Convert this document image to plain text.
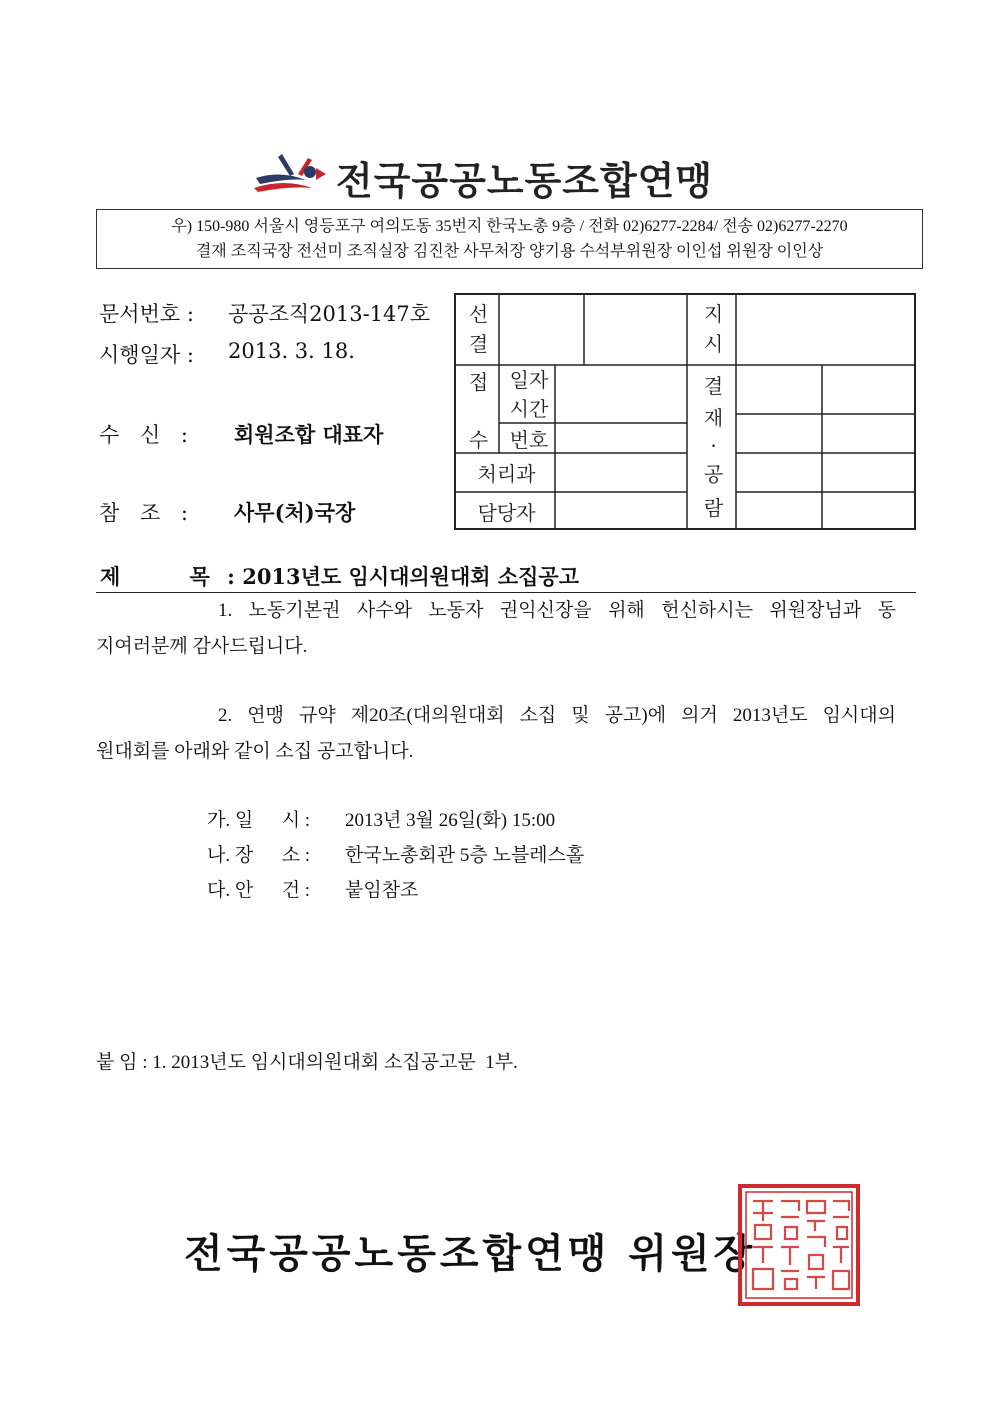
전국공공노동조합연맹
우) 150-980 서울시 영등포구 여의도동 35번지 한국노총 9층 / 전화 02)6277-2284/ 전송 02)6277-2270
결재 조직국장 전선미 조직실장 김진찬 사무처장 양기용 수석부위원장 이인섭 위원장 이인상
문서번호 : 공공조직2013-147호
시행일자 : 2013. 3. 18.
수 신 : 회원조합 대표자
참 조 : 사무(처)국장
선
결
지
시
접
수
일자
시간
번호
처리과
담당자
결
재
·
공
람
제    목 : 2013년도 임시대의원대회 소집공고
1. 노동기본권 사수와 노동자 권익신장을 위해 헌신하시는 위원장님과 동
지여러분께 감사드립니다.
2. 연맹 규약 제20조(대의원대회 소집 및 공고)에 의거 2013년도 임시대의
원대회를 아래와 같이 소집 공고합니다.
가. 일      시 : 2013년 3월 26일(화) 15:00
나. 장      소 : 한국노총회관 5층 노블레스홀
다. 안      건 : 붙임참조
붙 임 : 1. 2013년도 임시대의원대회 소집공고문  1부.
전국공공노동조합연맹 위원장
